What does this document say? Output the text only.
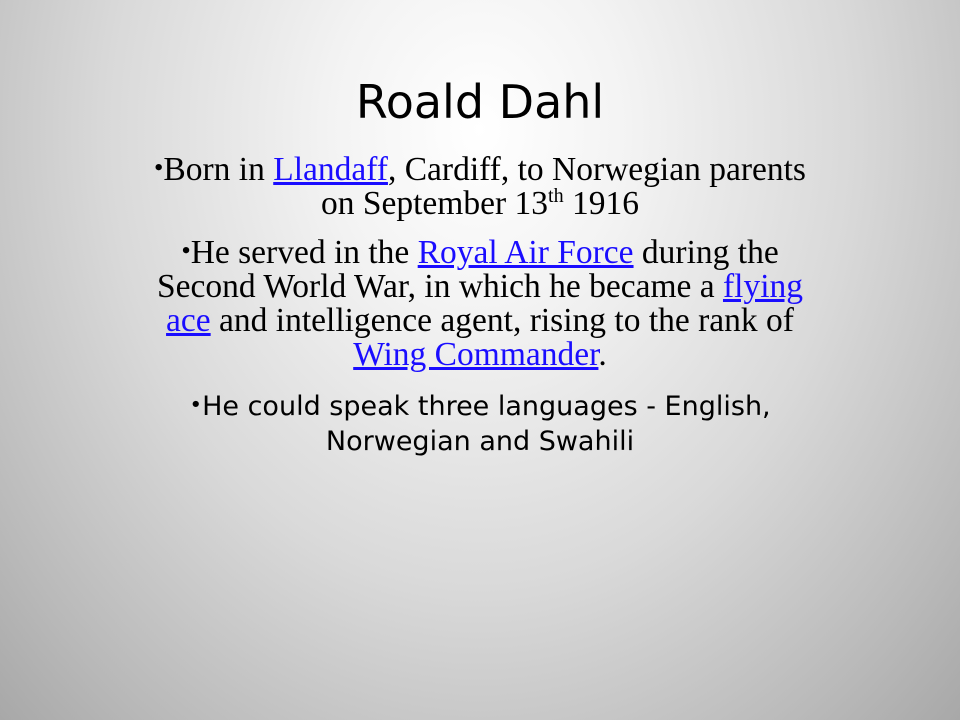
Roald Dahl

•Born in Llandaff, Cardiff, to Norwegian parents on September 13th 1916

•He served in the Royal Air Force during the Second World War, in which he became a flying ace and intelligence agent, rising to the rank of Wing Commander.

•He could speak three languages - English, Norwegian and Swahili
